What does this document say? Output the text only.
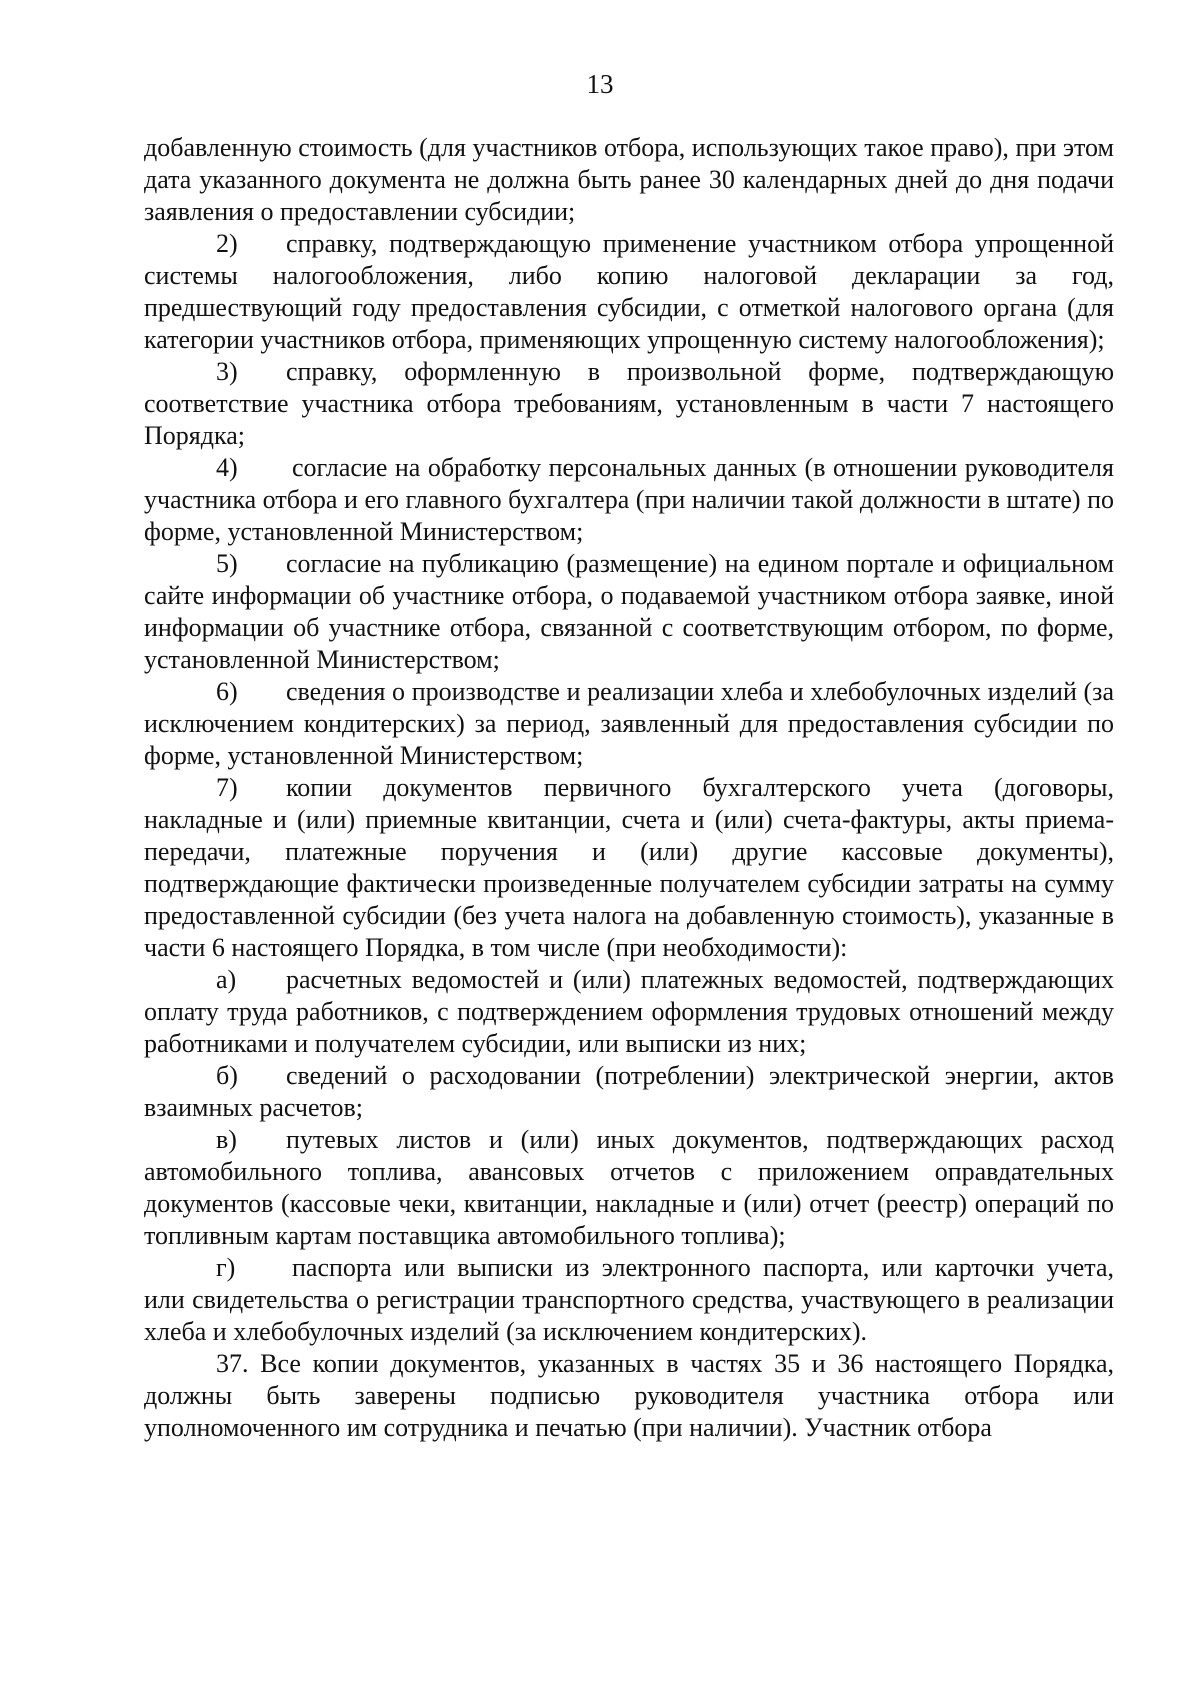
13

добавленную стоимость (для участников отбора, использующих такое право), при этом дата указанного документа не должна быть ранее 30 календарных дней до дня подачи заявления о предоставлении субсидии;

2) справку, подтверждающую применение участником отбора упрощенной системы налогообложения, либо копию налоговой декларации за год, предшествующий году предоставления субсидии, с отметкой налогового органа (для категории участников отбора, применяющих упрощенную систему налогообложения);

3) справку, оформленную в произвольной форме, подтверждающую соответствие участника отбора требованиям, установленным в части 7 настоящего Порядка;

4) согласие на обработку персональных данных (в отношении руководителя участника отбора и его главного бухгалтера (при наличии такой должности в штате) по форме, установленной Министерством;

5) согласие на публикацию (размещение) на едином портале и официальном сайте информации об участнике отбора, о подаваемой участником отбора заявке, иной информации об участнике отбора, связанной с соответствующим отбором, по форме, установленной Министерством;

6) сведения о производстве и реализации хлеба и хлебобулочных изделий (за исключением кондитерских) за период, заявленный для предоставления субсидии по форме, установленной Министерством;

7) копии документов первичного бухгалтерского учета (договоры, накладные и (или) приемные квитанции, счета и (или) счета-фактуры, акты приема-передачи, платежные поручения и (или) другие кассовые документы), подтверждающие фактически произведенные получателем субсидии затраты на сумму предоставленной субсидии (без учета налога на добавленную стоимость), указанные в части 6 настоящего Порядка, в том числе (при необходимости):

а) расчетных ведомостей и (или) платежных ведомостей, подтверждающих оплату труда работников, с подтверждением оформления трудовых отношений между работниками и получателем субсидии, или выписки из них;

б) сведений о расходовании (потреблении) электрической энергии, актов взаимных расчетов;

в) путевых листов и (или) иных документов, подтверждающих расход автомобильного топлива, авансовых отчетов с приложением оправдательных документов (кассовые чеки, квитанции, накладные и (или) отчет (реестр) операций по топливным картам поставщика автомобильного топлива);

г) паспорта или выписки из электронного паспорта, или карточки учета, или свидетельства о регистрации транспортного средства, участвующего в реализации хлеба и хлебобулочных изделий (за исключением кондитерских).

37. Все копии документов, указанных в частях 35 и 36 настоящего Порядка, должны быть заверены подписью руководителя участника отбора или уполномоченного им сотрудника и печатью (при наличии). Участник отбора
